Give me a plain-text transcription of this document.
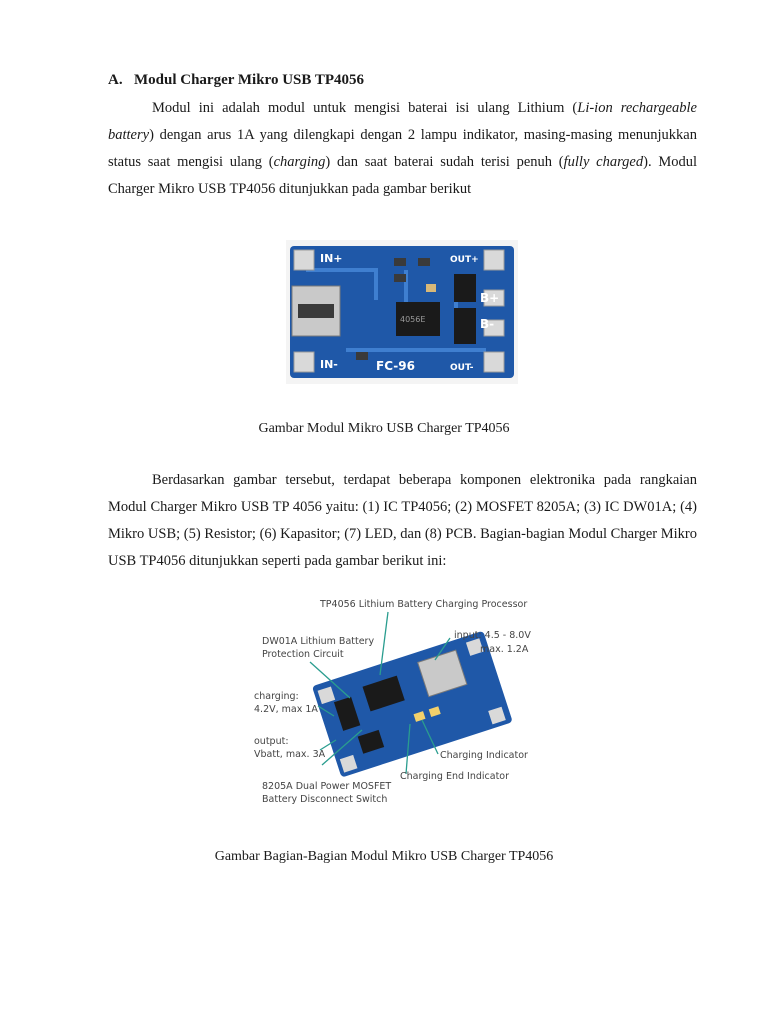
A. Modul Charger Mikro USB TP4056

Modul ini adalah modul untuk mengisi baterai isi ulang Lithium (Li-ion rechargeable battery) dengan arus 1A yang dilengkapi dengan 2 lampu indikator, masing-masing menunjukkan status saat mengisi ulang (charging) dan saat baterai sudah terisi penuh (fully charged). Modul Charger Mikro USB TP4056 ditunjukkan pada gambar berikut

IN+
IN-
OUT+
OUT-
B+
B-
FC-96
4056E
Gambar Modul Mikro USB Charger TP4056

Berdasarkan gambar tersebut, terdapat beberapa komponen elektronika pada rangkaian Modul Charger Mikro USB TP 4056 yaitu: (1) IC TP4056; (2) MOSFET 8205A; (3) IC DW01A; (4) Mikro USB; (5) Resistor; (6) Kapasitor; (7) LED, dan (8) PCB. Bagian-bagian Modul Charger Mikro USB TP4056 ditunjukkan seperti pada gambar berikut ini:

TP4056 Lithium Battery Charging Processor
DW01A Lithium Battery
Protection Circuit
input: 4.5 - 8.0V
max. 1.2A
charging:
4.2V, max 1A
output:
Vbatt, max. 3A	Charging Indicator
Charging End Indicator
8205A Dual Power MOSFET
Battery Disconnect Switch
Gambar Bagian-Bagian Modul Mikro USB Charger TP4056
